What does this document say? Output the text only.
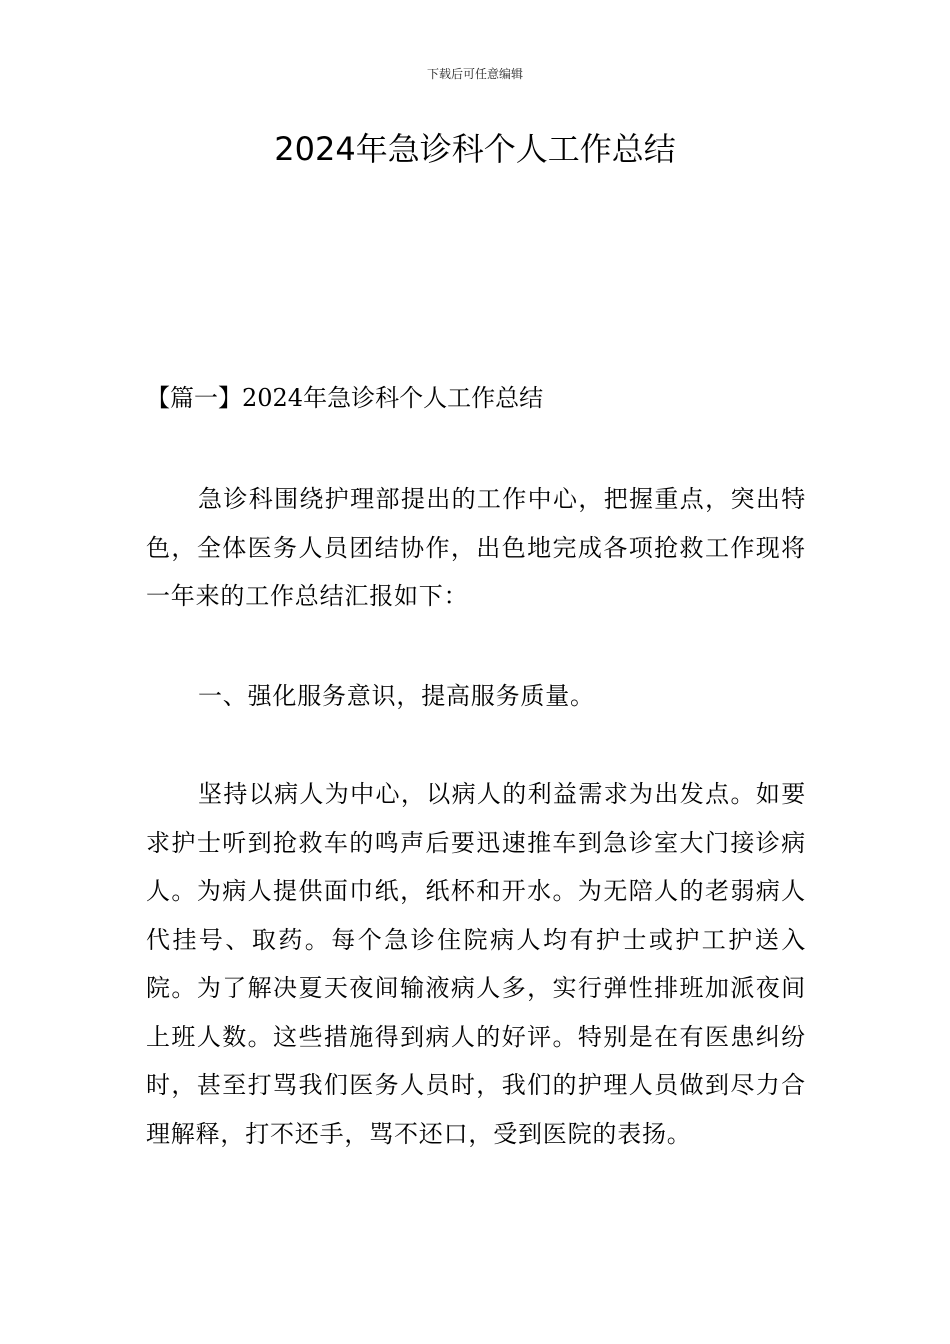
下载后可任意编辑
2024年急诊科个人工作总结
【篇一】2024年急诊科个人工作总结

急诊科围绕护理部提出的工作中心，把握重点，突出特色，全体医务人员团结协作，出色地完成各项抢救工作现将一年来的工作总结汇报如下：

一、强化服务意识，提高服务质量。

坚持以病人为中心，以病人的利益需求为出发点。如要求护士听到抢救车的鸣声后要迅速推车到急诊室大门接诊病人。为病人提供面巾纸，纸杯和开水。为无陪人的老弱病人代挂号、取药。每个急诊住院病人均有护士或护工护送入院。为了解决夏天夜间输液病人多，实行弹性排班加派夜间上班人数。这些措施得到病人的好评。特别是在有医患纠纷时，甚至打骂我们医务人员时，我们的护理人员做到尽力合理解释，打不还手，骂不还口，受到医院的表扬。
